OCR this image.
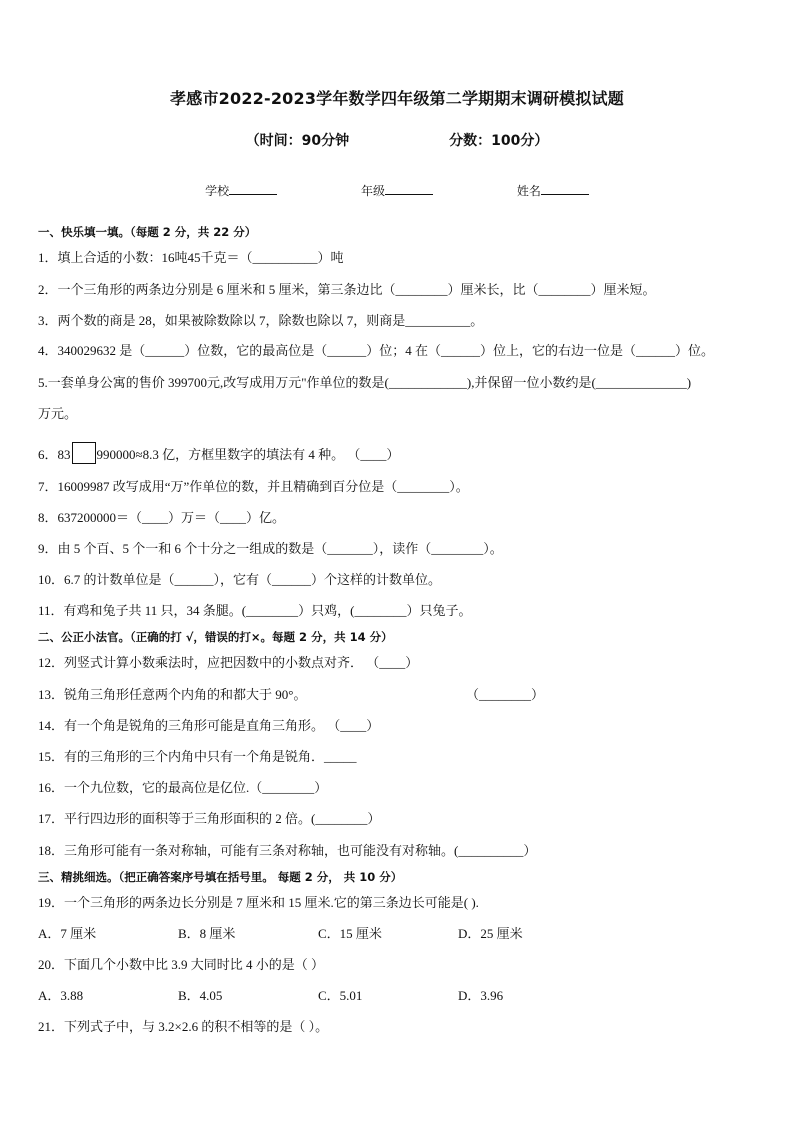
孝感市2022-2023学年数学四年级第二学期期末调研模拟试题
（时间：90分钟	分数：100分）
学校	年级	姓名
一、快乐填一填。（每题 2 分，共 22 分）
1．填上合适的小数：16吨45千克＝（__________）吨
2．一个三角形的两条边分别是 6 厘米和 5 厘米，第三条边比（________）厘米长，比（________）厘米短。
3．两个数的商是 28，如果被除数除以 7，除数也除以 7，则商是__________。
4．340029632 是（______）位数，它的最高位是（______）位；4 在（______）位上，它的右边一位是（______）位。
5.一套单身公寓的售价 399700元,改写成用万元"作单位的数是(____________),并保留一位小数约是(______________)
万元。
6．83 990000≈8.3 亿，方框里数字的填法有 4 种。 （____）
7．16009987 改写成用“万”作单位的数，并且精确到百分位是（________）。
8．637200000＝（____）万＝（____）亿。
9．由 5 个百、5 个一和 6 个十分之一组成的数是（_______），读作（________）。
10．6.7 的计数单位是（______），它有（______）个这样的计数单位。
11．有鸡和兔子共 11 只，34 条腿。(________）只鸡，(________）只兔子。
二、公正小法官。（正确的打 √，错误的打×。每题 2 分，共 14 分）
12．列竖式计算小数乘法时，应把因数中的小数点对齐． （____）
13．锐角三角形任意两个内角的和都大于 90°。	（________）
14．有一个角是锐角的三角形可能是直角三角形。 （____）
15．有的三角形的三个内角中只有一个角是锐角．_____
16．一个九位数，它的最高位是亿位.（________）
17．平行四边形的面积等于三角形面积的 2 倍。(________）
18．三角形可能有一条对称轴，可能有三条对称轴，也可能没有对称轴。(__________）
三、精挑细选。（把正确答案序号填在括号里。 每题 2 分， 共 10 分）
19．一个三角形的两条边长分别是 7 厘米和 15 厘米.它的第三条边长可能是( ).
A．7 厘米	B．8 厘米	C．15 厘米	D．25 厘米
20．下面几个小数中比 3.9 大同时比 4 小的是（ ）
A．3.88	B．4.05	C．5.01	D．3.96
21．下列式子中，与 3.2×2.6 的积不相等的是（ ）。
